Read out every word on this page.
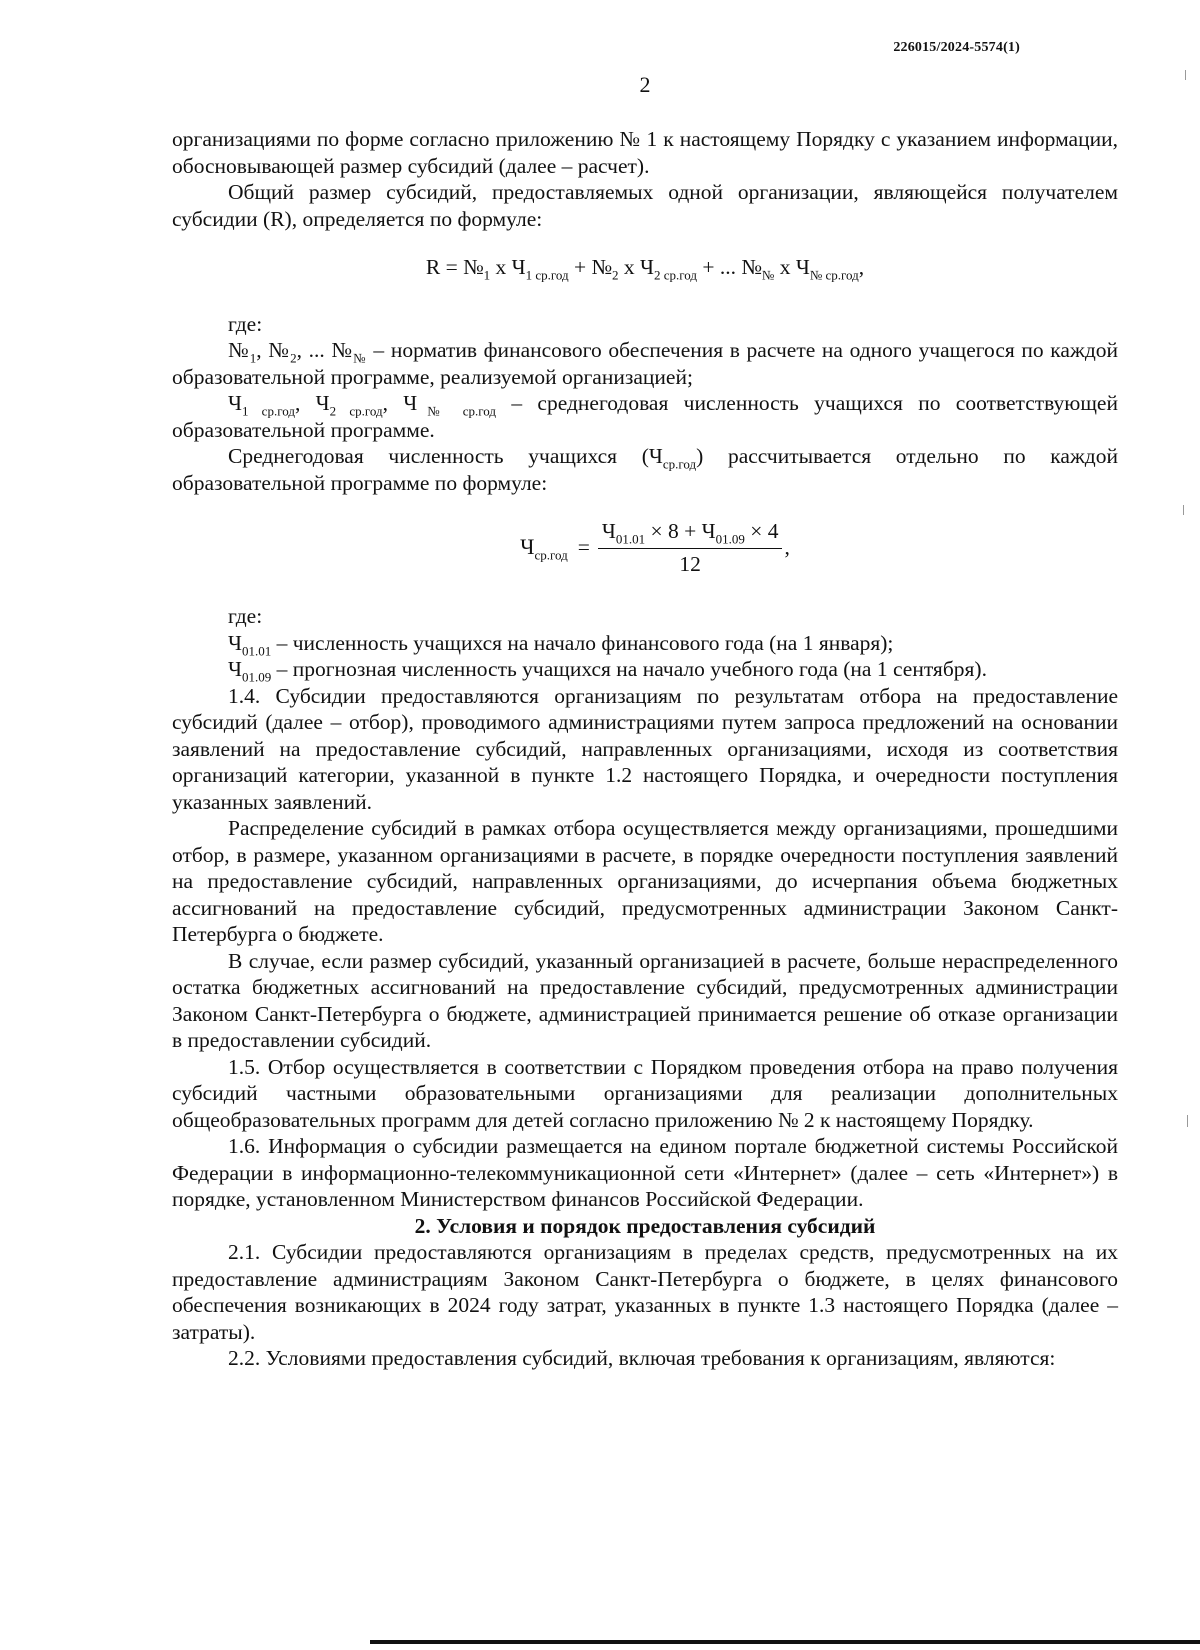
226015/2024-5574(1)
2

организациями по форме согласно приложению № 1 к настоящему Порядку с указанием информации, обосновывающей размер субсидий (далее – расчет).

Общий размер субсидий, предоставляемых одной организации, являющейся получателем субсидии (R), определяется по формуле:

$R = №_1$ х $Ч_{1 ср.год}$ + $№_2$ х $Ч_{2 ср.год}$ + ... $№_№$ х $Ч_{№ ср.год}$,

где:

$№_1$, $№_2$, ... $№_№$ – норматив финансового обеспечения в расчете на одного учащегося по каждой образовательной программе, реализуемой организацией;

$Ч_{1 ср.год}$, $Ч_{2 ср.год}$, $Ч_{№ ср.год}$ – среднегодовая численность учащихся по соответствующей образовательной программе.

Среднегодовая численность учащихся $(Ч_{ср.год})$ рассчитывается отдельно по каждой образовательной программе по формуле:

$Ч_{ср.год} = \frac{Ч_{01.01} \times 8 + Ч_{01.09} \times 4}{12}$ ,

где:

$Ч_{01.01}$ – численность учащихся на начало финансового года (на 1 января);

$Ч_{01.09}$ – прогнозная численность учащихся на начало учебного года (на 1 сентября).

1.4. Субсидии предоставляются организациям по результатам отбора на предоставление субсидий (далее – отбор), проводимого администрациями путем запроса предложений на основании заявлений на предоставление субсидий, направленных организациями, исходя из соответствия организаций категории, указанной в пункте 1.2 настоящего Порядка, и очередности поступления указанных заявлений.

Распределение субсидий в рамках отбора осуществляется между организациями, прошедшими отбор, в размере, указанном организациями в расчете, в порядке очередности поступления заявлений на предоставление субсидий, направленных организациями, до исчерпания объема бюджетных ассигнований на предоставление субсидий, предусмотренных администрации Законом Санкт-Петербурга о бюджете.

В случае, если размер субсидий, указанный организацией в расчете, больше нераспределенного остатка бюджетных ассигнований на предоставление субсидий, предусмотренных администрации Законом Санкт-Петербурга о бюджете, администрацией принимается решение об отказе организации в предоставлении субсидий.

1.5. Отбор осуществляется в соответствии с Порядком проведения отбора на право получения субсидий частными образовательными организациями для реализации дополнительных общеобразовательных программ для детей согласно приложению № 2 к настоящему Порядку.

1.6. Информация о субсидии размещается на едином портале бюджетной системы Российской Федерации в информационно-телекоммуникационной сети «Интернет» (далее – сеть «Интернет») в порядке, установленном Министерством финансов Российской Федерации.

2. Условия и порядок предоставления субсидий

2.1. Субсидии предоставляются организациям в пределах средств, предусмотренных на их предоставление администрациям Законом Санкт-Петербурга о бюджете, в целях финансового обеспечения возникающих в 2024 году затрат, указанных в пункте 1.3 настоящего Порядка (далее – затраты).

2.2. Условиями предоставления субсидий, включая требования к организациям, являются:
